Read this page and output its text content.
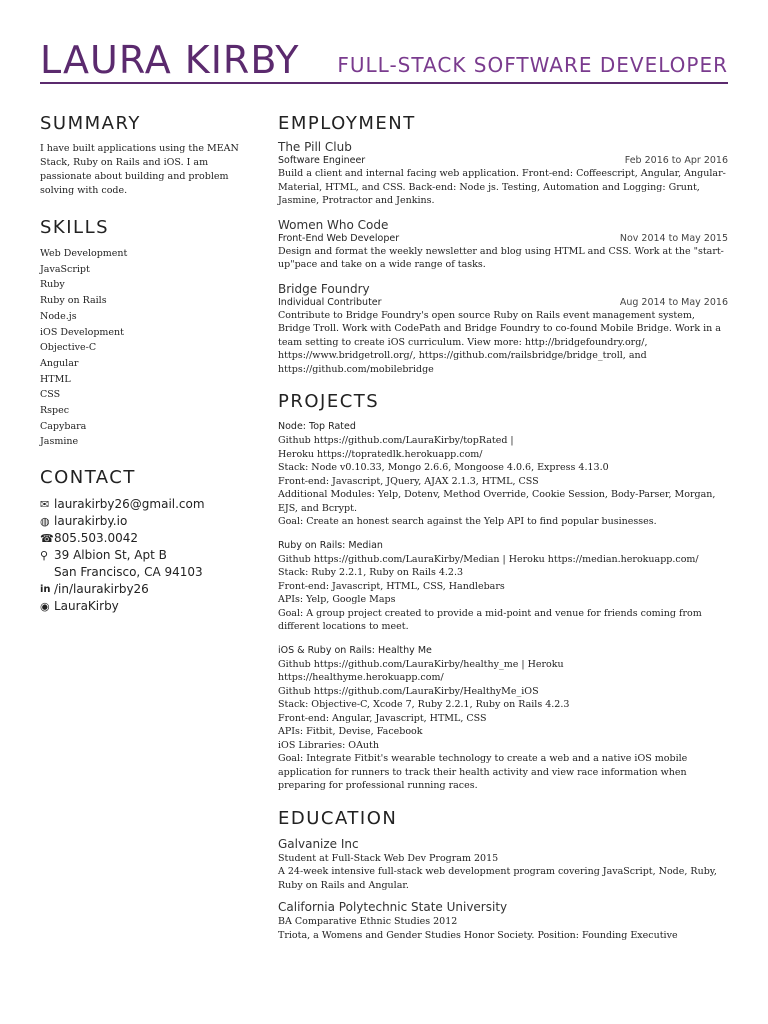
LAURA KIRBY FULL-STACK SOFTWARE DEVELOPER
SUMMARY
I have built applications using the MEAN Stack, Ruby on Rails and iOS. I am passionate about building and problem solving with code.
SKILLS
Web Development
JavaScript
Ruby
Ruby on Rails
Node.js
iOS Development
Objective-C
Angular
HTML
CSS
Rspec
Capybara
Jasmine
CONTACT
✉ laurakirby26@gmail.com
◍ laurakirby.io
☎ 805.503.0042
⚲ 39 Albion St, Apt B
San Francisco, CA 94103
in /in/laurakirby26
◉ LauraKirby
EMPLOYMENT
The Pill Club
Software Engineer	Feb 2016 to Apr 2016
Build a client and internal facing web application. Front-end: Coffeescript, Angular, Angular-Material, HTML, and CSS. Back-end: Node js. Testing, Automation and Logging: Grunt, Jasmine, Protractor and Jenkins.
Women Who Code
Front-End Web Developer	Nov 2014 to May 2015
Design and format the weekly newsletter and blog using HTML and CSS. Work at the "start-up"pace and take on a wide range of tasks.
Bridge Foundry
Individual Contributer	Aug 2014 to May 2016
Contribute to Bridge Foundry's open source Ruby on Rails event management system, Bridge Troll. Work with CodePath and Bridge Foundry to co-found Mobile Bridge. Work in a team setting to create iOS curriculum. View more: http://bridgefoundry.org/, https://www.bridgetroll.org/, https://github.com/railsbridge/bridge_troll, and https://github.com/mobilebridge
PROJECTS
Node: Top Rated
Github https://github.com/LauraKirby/topRated |
Heroku https://topratedlk.herokuapp.com/
Stack: Node v0.10.33, Mongo 2.6.6, Mongoose 4.0.6, Express 4.13.0
Front-end: Javascript, JQuery, AJAX 2.1.3, HTML, CSS
Additional Modules: Yelp, Dotenv, Method Override, Cookie Session, Body-Parser, Morgan, EJS, and Bcrypt.
Goal: Create an honest search against the Yelp API to find popular businesses.
Ruby on Rails: Median
Github https://github.com/LauraKirby/Median | Heroku https://median.herokuapp.com/
Stack: Ruby 2.2.1, Ruby on Rails 4.2.3
Front-end: Javascript, HTML, CSS, Handlebars
APIs: Yelp, Google Maps
Goal: A group project created to provide a mid-point and venue for friends coming from different locations to meet.
iOS & Ruby on Rails: Healthy Me
Github https://github.com/LauraKirby/healthy_me | Heroku
https://healthyme.herokuapp.com/
Github https://github.com/LauraKirby/HealthyMe_iOS
Stack: Objective-C, Xcode 7, Ruby 2.2.1, Ruby on Rails 4.2.3
Front-end: Angular, Javascript, HTML, CSS
APIs: Fitbit, Devise, Facebook
iOS Libraries: OAuth
Goal: Integrate Fitbit's wearable technology to create a web and a native iOS mobile application for runners to track their health activity and view race information when preparing for professional running races.
EDUCATION
Galvanize Inc
Student at Full-Stack Web Dev Program 2015
A 24-week intensive full-stack web development program covering JavaScript, Node, Ruby, Ruby on Rails and Angular.
California Polytechnic State University
BA Comparative Ethnic Studies 2012
Triota, a Womens and Gender Studies Honor Society. Position: Founding Executive
